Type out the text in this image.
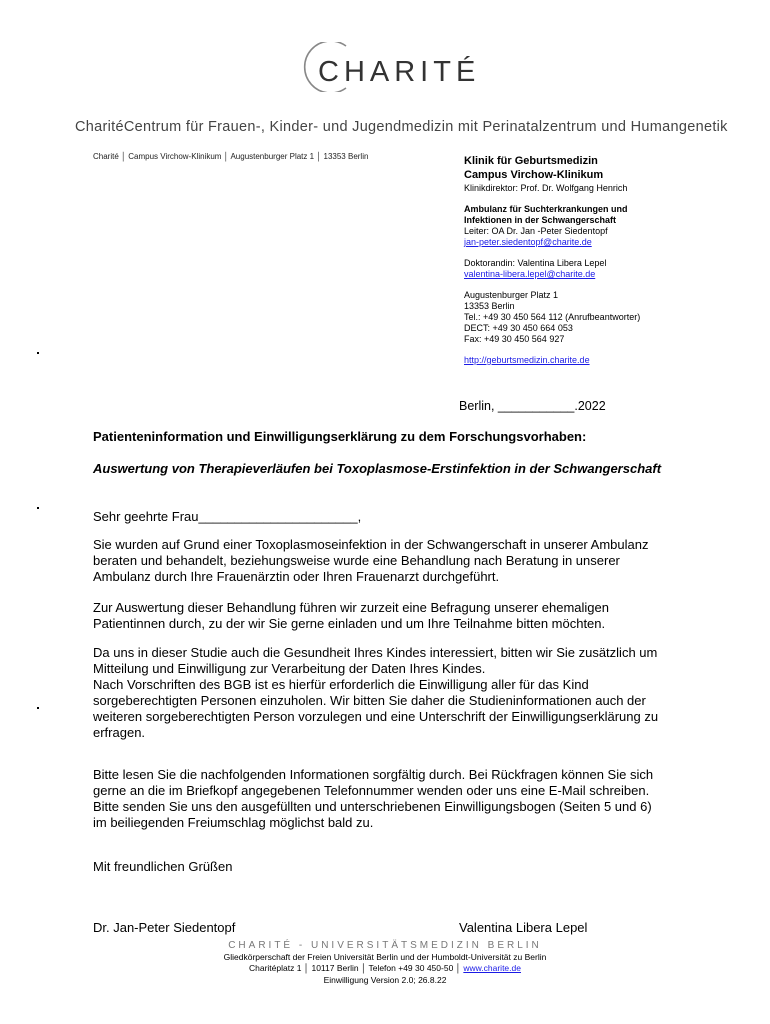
CHARITÉ
CharitéCentrum für Frauen-, Kinder- und Jugendmedizin mit Perinatalzentrum und Humangenetik
Charité │ Campus Virchow-Klinikum │ Augustenburger Platz 1 │ 13353 Berlin	Klinik für Geburtsmedizin
Campus Virchow-Klinikum
Klinikdirektor: Prof. Dr. Wolfgang Henrich
Ambulanz für Suchterkrankungen und
Infektionen in der Schwangerschaft
Leiter: OA Dr. Jan -Peter Siedentopf
jan-peter.siedentopf@charite.de
Doktorandin: Valentina Libera Lepel
valentina-libera.lepel@charite.de
Augustenburger Platz 1
13353 Berlin
Tel.: +49 30 450 564 112 (Anrufbeantworter)
DECT: +49 30 450 664 053
Fax: +49 30 450 564 927
http://geburtsmedizin.charite.de
Berlin, ___________.2022
Patienteninformation und Einwilligungserklärung zu dem Forschungsvorhaben:
Auswertung von Therapieverläufen bei Toxoplasmose-Erstinfektion in der Schwangerschaft
Sehr geehrte Frau______________________,
Sie wurden auf Grund einer Toxoplasmoseinfektion in der Schwangerschaft in unserer Ambulanz
beraten und behandelt, beziehungsweise wurde eine Behandlung nach Beratung in unserer
Ambulanz durch Ihre Frauenärztin oder Ihren Frauenarzt durchgeführt.
Zur Auswertung dieser Behandlung führen wir zurzeit eine Befragung unserer ehemaligen
Patientinnen durch, zu der wir Sie gerne einladen und um Ihre Teilnahme bitten möchten.
Da uns in dieser Studie auch die Gesundheit Ihres Kindes interessiert, bitten wir Sie zusätzlich um
Mitteilung und Einwilligung zur Verarbeitung der Daten Ihres Kindes.
Nach Vorschriften des BGB ist es hierfür erforderlich die Einwilligung aller für das Kind
sorgeberechtigten Personen einzuholen. Wir bitten Sie daher die Studieninformationen auch der
weiteren sorgeberechtigten Person vorzulegen und eine Unterschrift der Einwilligungserklärung zu
erfragen.
Bitte lesen Sie die nachfolgenden Informationen sorgfältig durch. Bei Rückfragen können Sie sich
gerne an die im Briefkopf angegebenen Telefonnummer wenden oder uns eine E-Mail schreiben.
Bitte senden Sie uns den ausgefüllten und unterschriebenen Einwilligungsbogen (Seiten 5 und 6)
im beiliegenden Freiumschlag möglichst bald zu.
Mit freundlichen Grüßen
Dr. Jan-Peter Siedentopf	Valentina Libera Lepel
CHARITÉ - UNIVERSITÄTSMEDIZIN BERLIN
Gliedkörperschaft der Freien Universität Berlin und der Humboldt-Universität zu Berlin
Charitéplatz 1 │ 10117 Berlin │ Telefon +49 30 450-50 │ www.charite.de
Einwilligung Version 2.0; 26.8.22
